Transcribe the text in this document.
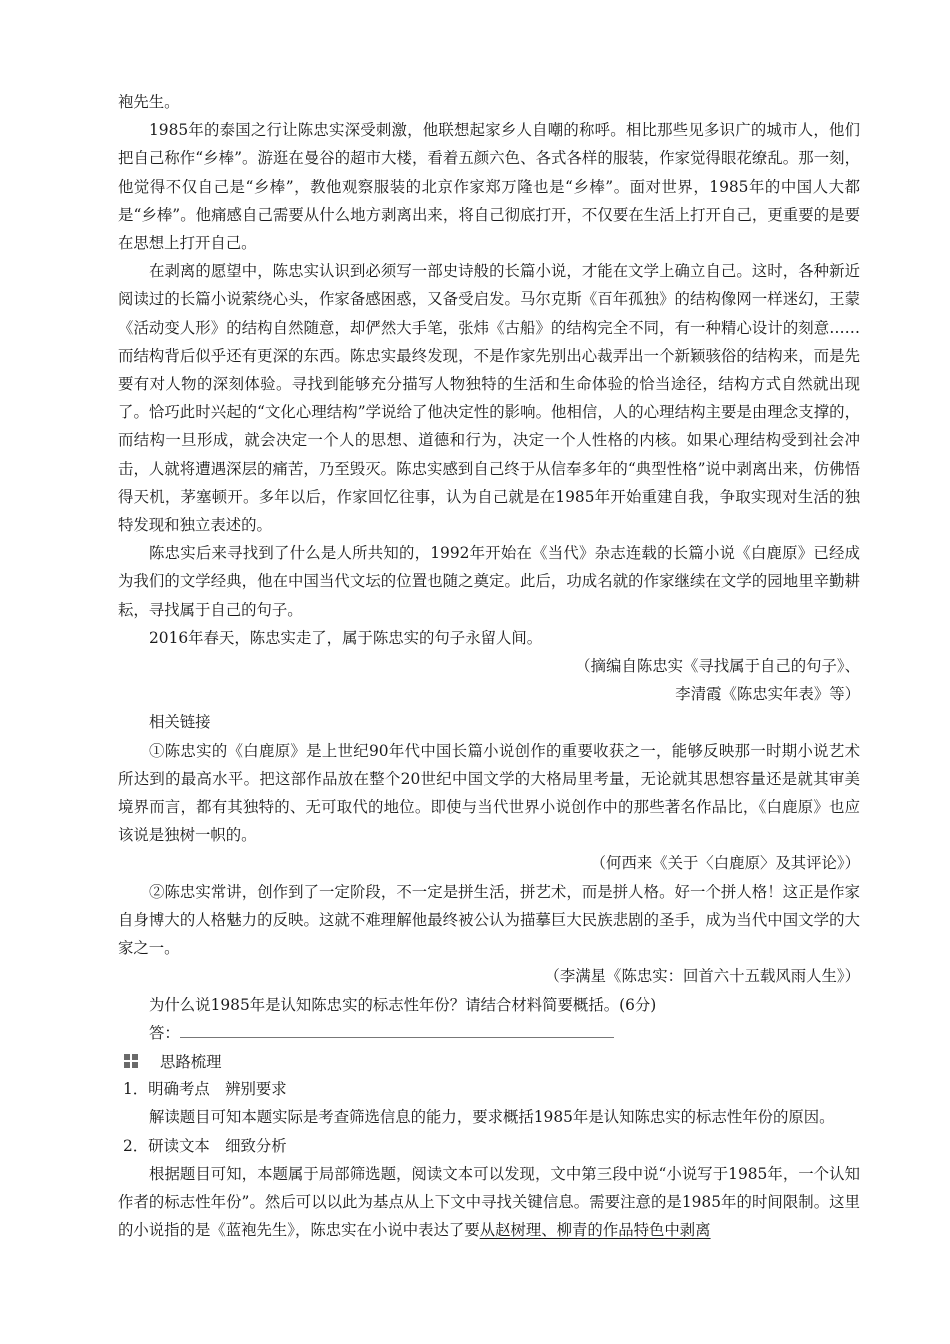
袍先生。

1985年的泰国之行让陈忠实深受刺激，他联想起家乡人自嘲的称呼。相比那些见多识广的城市人，他们把自己称作“乡棒”。游逛在曼谷的超市大楼，看着五颜六色、各式各样的服装，作家觉得眼花缭乱。那一刻，他觉得不仅自己是“乡棒”，教他观察服装的北京作家郑万隆也是“乡棒”。面对世界，1985年的中国人大都是“乡棒”。他痛感自己需要从什么地方剥离出来，将自己彻底打开，不仅要在生活上打开自己，更重要的是要在思想上打开自己。

在剥离的愿望中，陈忠实认识到必须写一部史诗般的长篇小说，才能在文学上确立自己。这时，各种新近阅读过的长篇小说萦绕心头，作家备感困惑，又备受启发。马尔克斯《百年孤独》的结构像网一样迷幻，王蒙《活动变人形》的结构自然随意，却俨然大手笔，张炜《古船》的结构完全不同，有一种精心设计的刻意……而结构背后似乎还有更深的东西。陈忠实最终发现，不是作家先别出心裁弄出一个新颖骇俗的结构来，而是先要有对人物的深刻体验。寻找到能够充分描写人物独特的生活和生命体验的恰当途径，结构方式自然就出现了。恰巧此时兴起的“文化心理结构”学说给了他决定性的影响。他相信，人的心理结构主要是由理念支撑的，而结构一旦形成，就会决定一个人的思想、道德和行为，决定一个人性格的内核。如果心理结构受到社会冲击，人就将遭遇深层的痛苦，乃至毁灭。陈忠实感到自己终于从信奉多年的“典型性格”说中剥离出来，仿佛悟得天机，茅塞顿开。多年以后，作家回忆往事，认为自己就是在1985年开始重建自我，争取实现对生活的独特发现和独立表述的。

陈忠实后来寻找到了什么是人所共知的，1992年开始在《当代》杂志连载的长篇小说《白鹿原》已经成为我们的文学经典，他在中国当代文坛的位置也随之奠定。此后，功成名就的作家继续在文学的园地里辛勤耕耘，寻找属于自己的句子。

2016年春天，陈忠实走了，属于陈忠实的句子永留人间。

（摘编自陈忠实《寻找属于自己的句子》、

李清霞《陈忠实年表》等）

相关链接

①陈忠实的《白鹿原》是上世纪90年代中国长篇小说创作的重要收获之一，能够反映那一时期小说艺术所达到的最高水平。把这部作品放在整个20世纪中国文学的大格局里考量，无论就其思想容量还是就其审美境界而言，都有其独特的、无可取代的地位。即使与当代世界小说创作中的那些著名作品比，《白鹿原》也应该说是独树一帜的。

（何西来《关于〈白鹿原〉及其评论》）

②陈忠实常讲，创作到了一定阶段，不一定是拼生活，拼艺术，而是拼人格。好一个拼人格！这正是作家自身博大的人格魅力的反映。这就不难理解他最终被公认为描摹巨大民族悲剧的圣手，成为当代中国文学的大家之一。

（李满星《陈忠实：回首六十五载风雨人生》）

为什么说1985年是认知陈忠实的标志性年份？请结合材料简要概括。(6分)

答：

思路梳理

1．明确考点　辨别要求

解读题目可知本题实际是考查筛选信息的能力，要求概括1985年是认知陈忠实的标志性年份的原因。

2．研读文本　细致分析

根据题目可知，本题属于局部筛选题，阅读文本可以发现，文中第三段中说“小说写于1985年，一个认知作者的标志性年份”。然后可以以此为基点从上下文中寻找关键信息。需要注意的是1985年的时间限制。这里的小说指的是《蓝袍先生》，陈忠实在小说中表达了要从赵树理、柳青的作品特色中剥离
